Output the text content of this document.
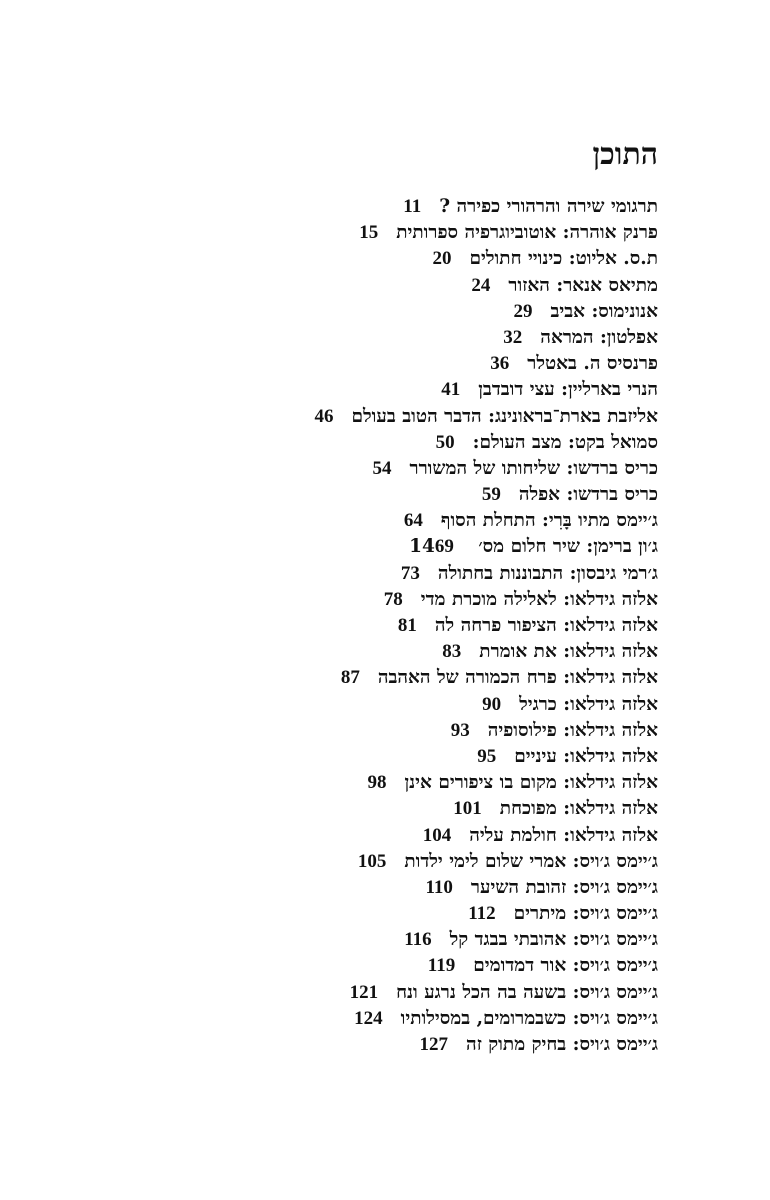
התוכן
תרגומי שירה והרהורי כפירה ?11
פרנק אוהרה: אוטוביוגרפיה ספרותית15
ת.ס. אליוט: כינויי חתולים20
מתיאס אנאר: האזור24
אנונימוס: אביב29
אפלטון: המראה32
פרנסיס ה. באטלר36
הנרי בארליין: עצי דובדבן41
אליזבת בארת־בראונינג: הדבר הטוב בעולם46
סמואל בקט: מצב העולם:50
כריס ברדשו: שליחותו של המשורר54
כריס ברדשו: אפלה59
ג׳יימס מתיו בָּרִי: התחלת הסוף64
ג׳ון ברימן: שיר חלום מס׳ 1469
ג׳רמי גיבסון: התבוננות בחתולה73
אלזה גידלאו: לאלילה מוכרת מדי78
אלזה גידלאו: הציפור פרחה לה81
אלזה גידלאו: את אומרת83
אלזה גידלאו: פרח הכמורה של האהבה87
אלזה גידלאו: כרגיל90
אלזה גידלאו: פילוסופיה93
אלזה גידלאו: עיניים95
אלזה גידלאו: מקום בו ציפורים אינן98
אלזה גידלאו: מפוכחת101
אלזה גידלאו: חולמת עליה104
ג׳יימס ג׳ויס: אמרי שלום לימי ילדות105
ג׳יימס ג׳ויס: זהובת השיער110
ג׳יימס ג׳ויס: מיתרים112
ג׳יימס ג׳ויס: אהובתי בבגד קל116
ג׳יימס ג׳ויס: אור דמדומים119
ג׳יימס ג׳ויס: בשעה בה הכל נרגע ונח121
ג׳יימס ג׳ויס: כשבמרומים, במסילותיו124
ג׳יימס ג׳ויס: בחיק מתוק זה127
